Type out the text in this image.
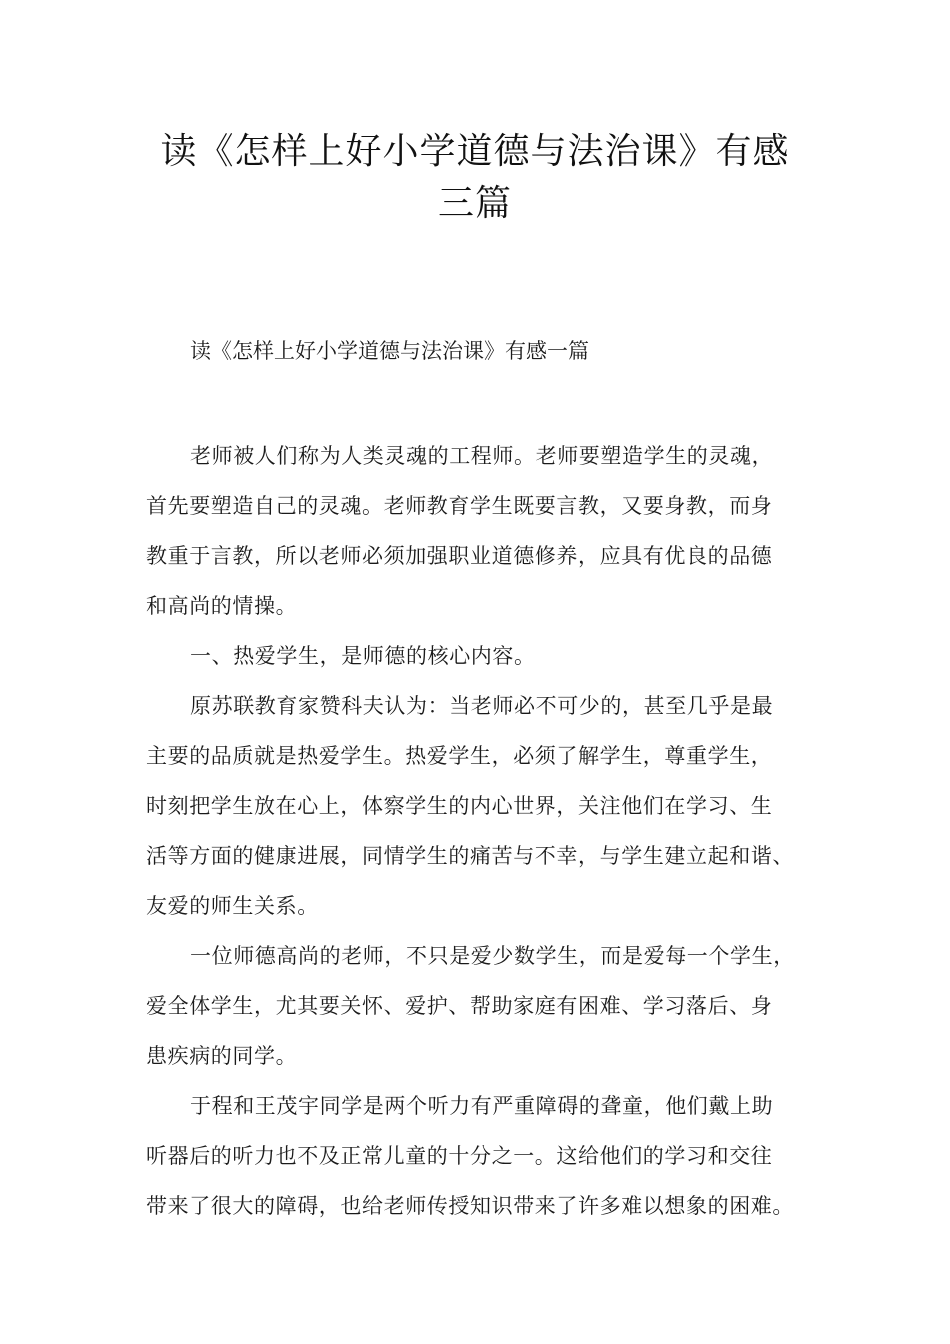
读《怎样上好小学道德与法治课》有感
三篇
读《怎样上好小学道德与法治课》有感一篇
老师被人们称为人类灵魂的工程师。老师要塑造学生的灵魂，
首先要塑造自己的灵魂。老师教育学生既要言教，又要身教，而身
教重于言教，所以老师必须加强职业道德修养，应具有优良的品德
和高尚的情操。
一、热爱学生，是师德的核心内容。
原苏联教育家赞科夫认为：当老师必不可少的，甚至几乎是最
主要的品质就是热爱学生。热爱学生，必须了解学生，尊重学生，
时刻把学生放在心上，体察学生的内心世界，关注他们在学习、生
活等方面的健康进展，同情学生的痛苦与不幸，与学生建立起和谐、
友爱的师生关系。
一位师德高尚的老师，不只是爱少数学生，而是爱每一个学生，
爱全体学生，尤其要关怀、爱护、帮助家庭有困难、学习落后、身
患疾病的同学。
于程和王茂宇同学是两个听力有严重障碍的聋童，他们戴上助
听器后的听力也不及正常儿童的十分之一。这给他们的学习和交往
带来了很大的障碍，也给老师传授知识带来了许多难以想象的困难。
